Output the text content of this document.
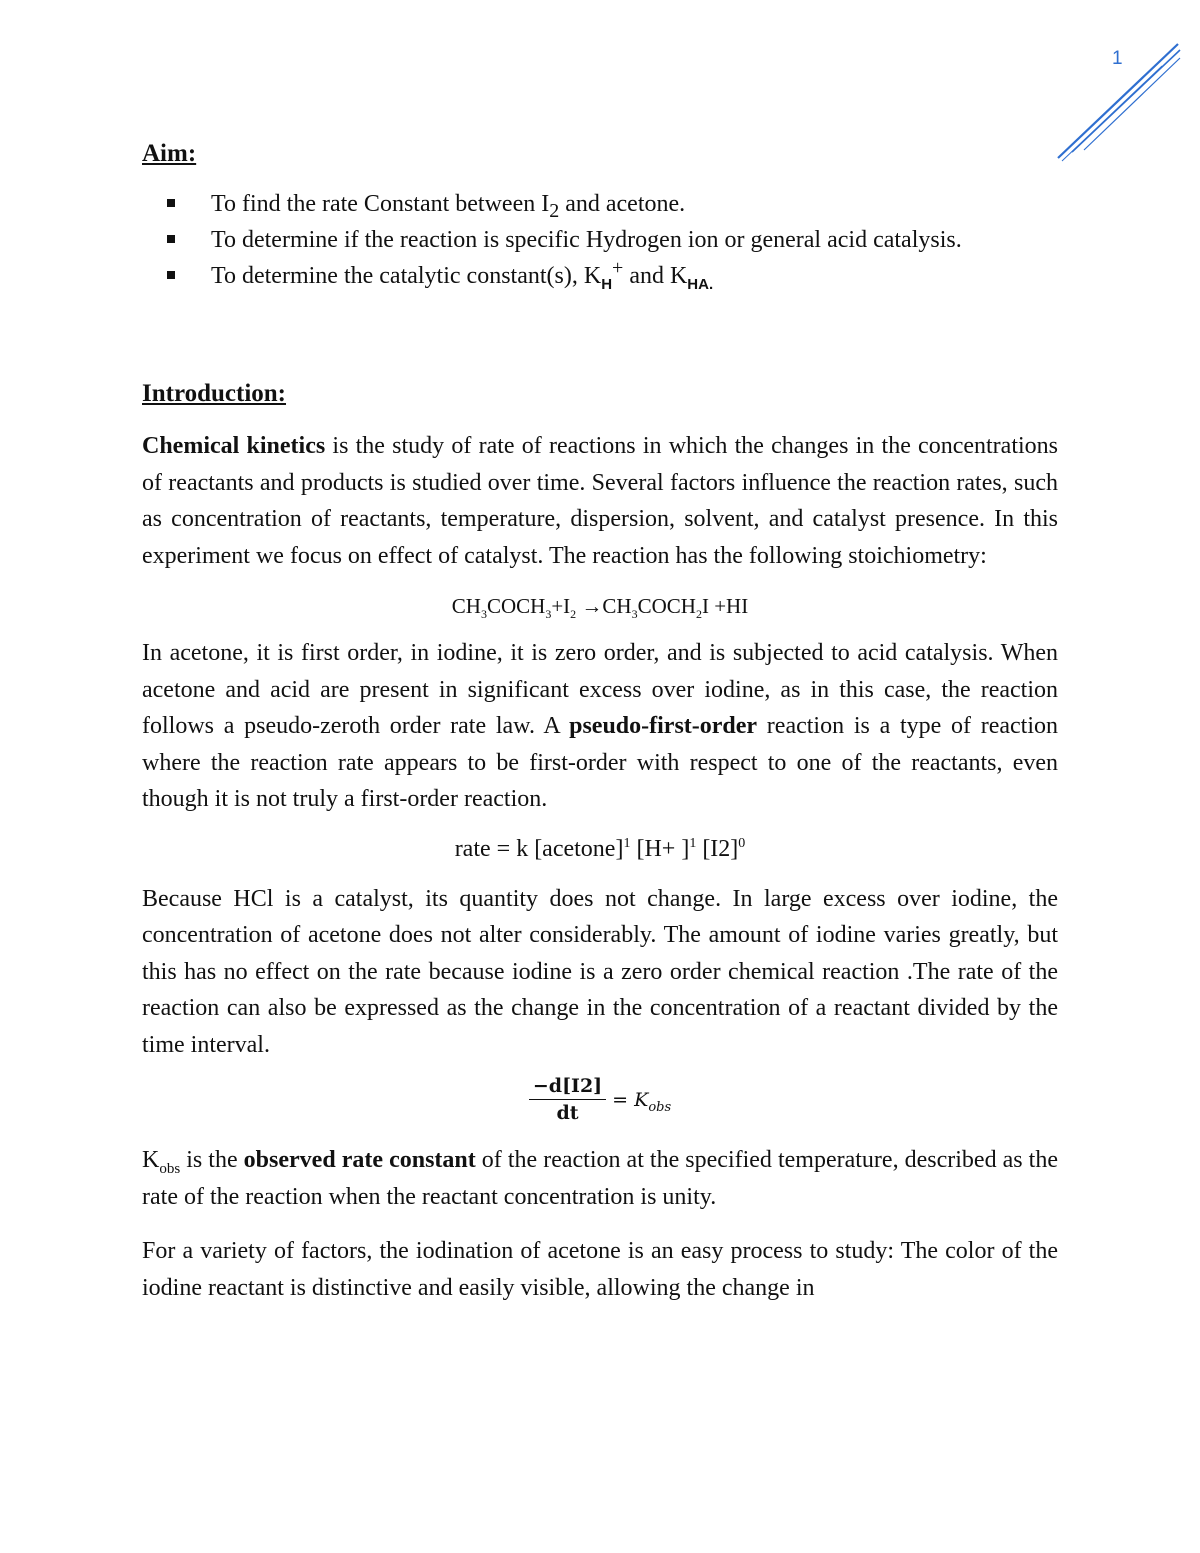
1
Aim:
To find the rate Constant between $I_2$ and acetone.
To determine if the reaction is specific Hydrogen ion or general acid catalysis.
To determine the catalytic constant(s), $K_H^+$ and $K_{HA.}$
Introduction:

Chemical kinetics is the study of rate of reactions in which the changes in the concentrations of reactants and products is studied over time. Several factors influence the reaction rates, such as concentration of reactants, temperature, dispersion, solvent, and catalyst presence. In this experiment we focus on effect of catalyst. The reaction has the following stoichiometry:

$CH_3COCH_3+I_2$ $\to CH_3COCH_2I +HI$

In acetone, it is first order, in iodine, it is zero order, and is subjected to acid catalysis. When acetone and acid are present in significant excess over iodine, as in this case, the reaction follows a pseudo-zeroth order rate law. A pseudo-first-order reaction is a type of reaction where the reaction rate appears to be first-order with respect to one of the reactants, even though it is not truly a first-order reaction.

rate = k [acetone]$^1$ $[H+ ]^1$ $[I2]^0$

Because HCl is a catalyst, its quantity does not change. In large excess over iodine, the concentration of acetone does not alter considerably. The amount of iodine varies greatly, but this has no effect on the rate because iodine is a zero order chemical reaction .The rate of the reaction can also be expressed as the change in the concentration of a reactant divided by the time interval.

$\frac{-d[I2]}{dt} = K_{obs}$

$K_{obs}$ is the observed rate constant of the reaction at the specified temperature, described as the rate of the reaction when the reactant concentration is unity.

For a variety of factors, the iodination of acetone is an easy process to study: The color of the iodine reactant is distinctive and easily visible, allowing the change in
